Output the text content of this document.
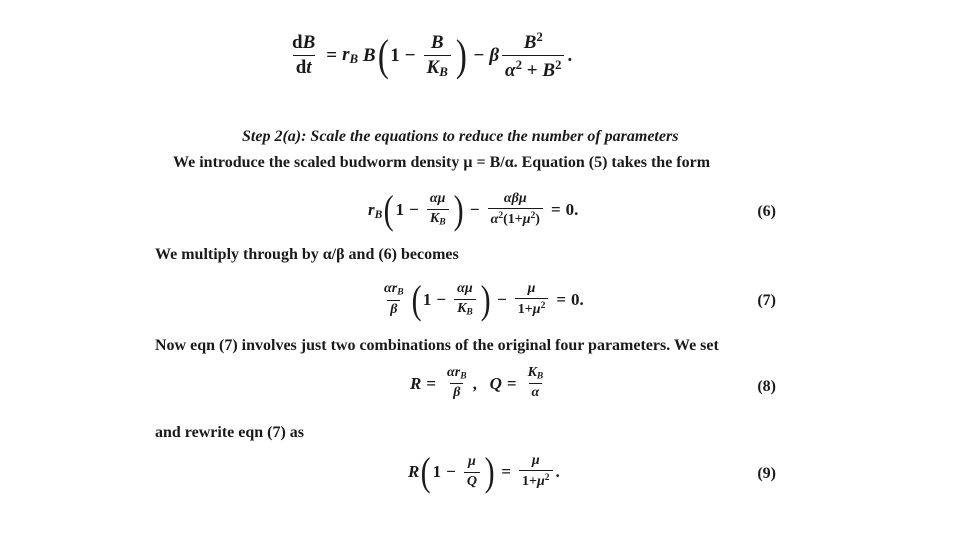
$\frac{dB}{dt} = r_B$
B ( $1 - \frac{B}{K_B}$ ) − β $\frac{B^2}{\alpha^2 + B^2}$ .
Step 2(a): Scale the equations to reduce the number of parameters
We introduce the scaled budworm density μ = B/α. Equation (5) takes the form
$r_B$ ( $1 - \frac{\alpha\mu}{K_B}$ ) − $\frac{\text{αβμ}}{\alpha^2(1+\mu^2)} = 0$.	(6)
We multiply through by α/β and (6) becomes
$\frac{\alpha r_B}{\beta}$ ( $1 - \frac{\alpha\mu}{K_B}$ ) − $\frac{\mu}{1+\mu^2} = 0$.	(7)
Now eqn (7) involves just two combinations of the original four parameters. We set
$R = \frac{\alpha r_B}{\beta}$ , $Q = \frac{K_B}{\alpha}$	(8)
and rewrite eqn (7) as
R ( $1 - \frac{\mu}{Q}$ ) = $\frac{\mu}{1+\mu^2}$ .	(9)
